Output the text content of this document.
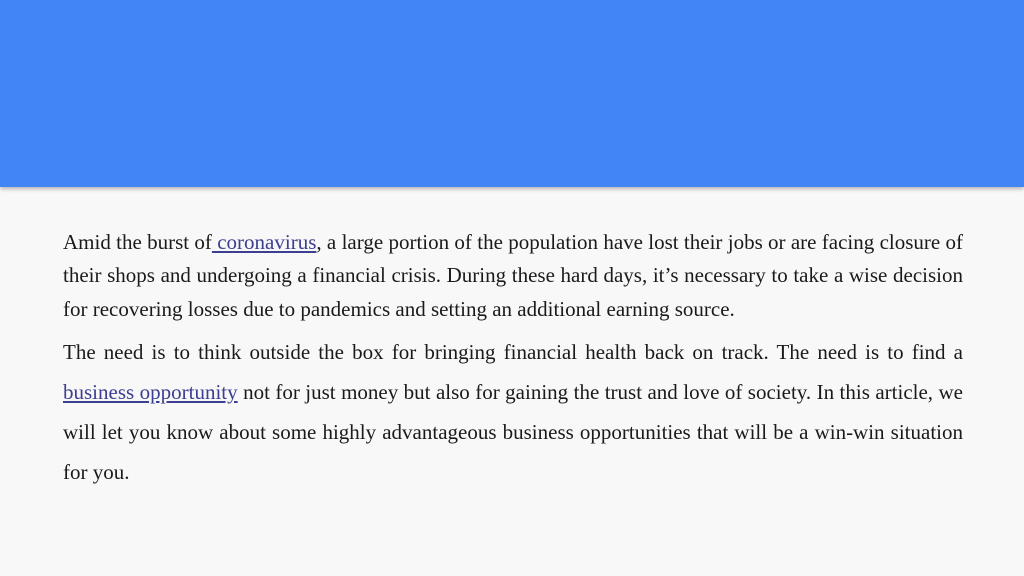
Amid the burst of coronavirus, a large portion of the population have lost their jobs or are facing closure of their shops and undergoing a financial crisis. During these hard days, it’s necessary to take a wise decision for recovering losses due to pandemics and setting an additional earning source.

The need is to think outside the box for bringing financial health back on track. The need is to find a business opportunity not for just money but also for gaining the trust and love of society. In this article, we will let you know about some highly advantageous business opportunities that will be a win-win situation for you.
